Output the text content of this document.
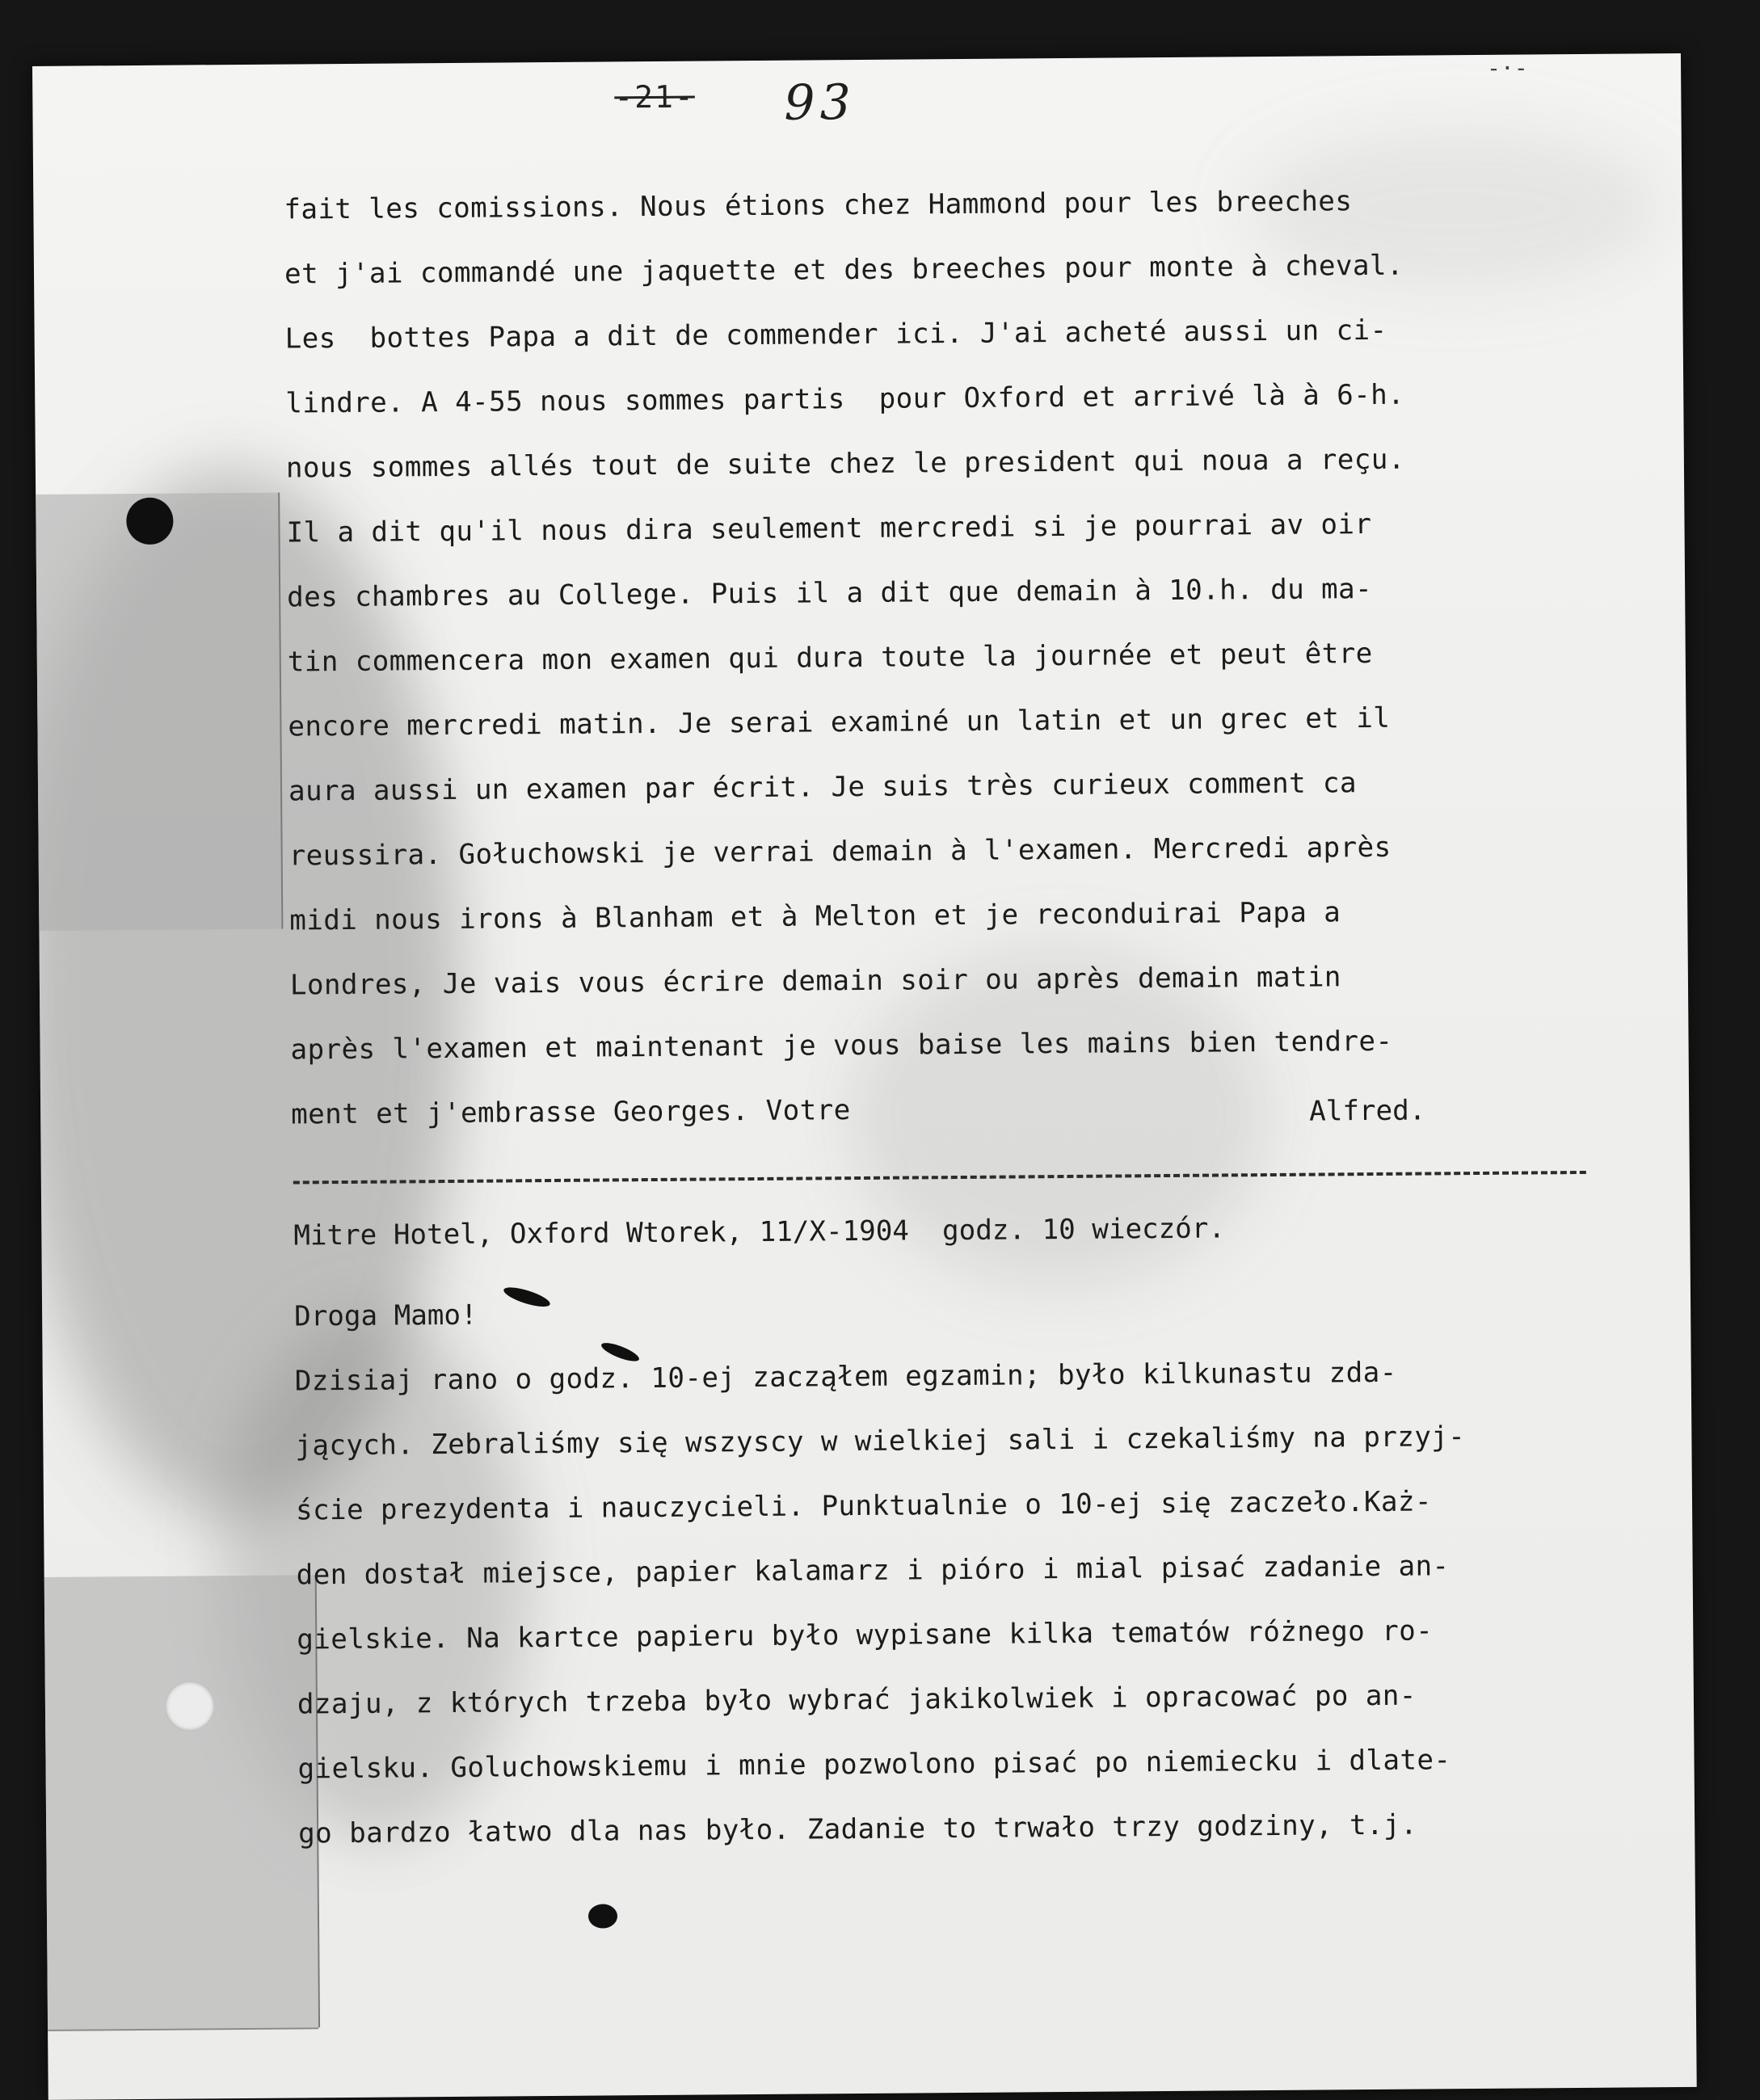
-21- 93
-·-
fait les comissions. Nous étions chez Hammond pour les breeches
et j'ai commandé une jaquette et des breeches pour monte à cheval.
Les  bottes Papa a dit de commender ici. J'ai acheté aussi un ci-
lindre. A 4-55 nous sommes partis  pour Oxford et arrivé là à 6-h.
nous sommes allés tout de suite chez le president qui noua a reçu.
Il a dit qu'il nous dira seulement mercredi si je pourrai av oir
des chambres au College. Puis il a dit que demain à 10.h. du ma-
tin commencera mon examen qui dura toute la journée et peut être
encore mercredi matin. Je serai examiné un latin et un grec et il
aura aussi un examen par écrit. Je suis très curieux comment ca
reussira. Gołuchowski je verrai demain à l'examen. Mercredi après
midi nous irons à Blanham et à Melton et je reconduirai Papa a
Londres, Je vais vous écrire demain soir ou après demain matin
après l'examen et maintenant je vous baise les mains bien tendre-
ment et j'embrasse Georges. Votre	Alfred.
Mitre Hotel, Oxford Wtorek, 11/X-1904  godz. 10 wieczór.
Droga Mamo!
Dzisiaj rano o godz. 10-ej zacząłem egzamin; było kilkunastu zda-
jących. Zebraliśmy się wszyscy w wielkiej sali i czekaliśmy na przyj-
ście prezydenta i nauczycieli. Punktualnie o 10-ej się zaczeło.Każ-
den dostał miejsce, papier kalamarz i pióro i mial pisać zadanie an-
gielskie. Na kartce papieru było wypisane kilka tematów różnego ro-
dzaju, z których trzeba było wybrać jakikolwiek i opracować po an-
gielsku. Goluchowskiemu i mnie pozwolono pisać po niemiecku i dlate-
go bardzo łatwo dla nas było. Zadanie to trwało trzy godziny, t.j.
